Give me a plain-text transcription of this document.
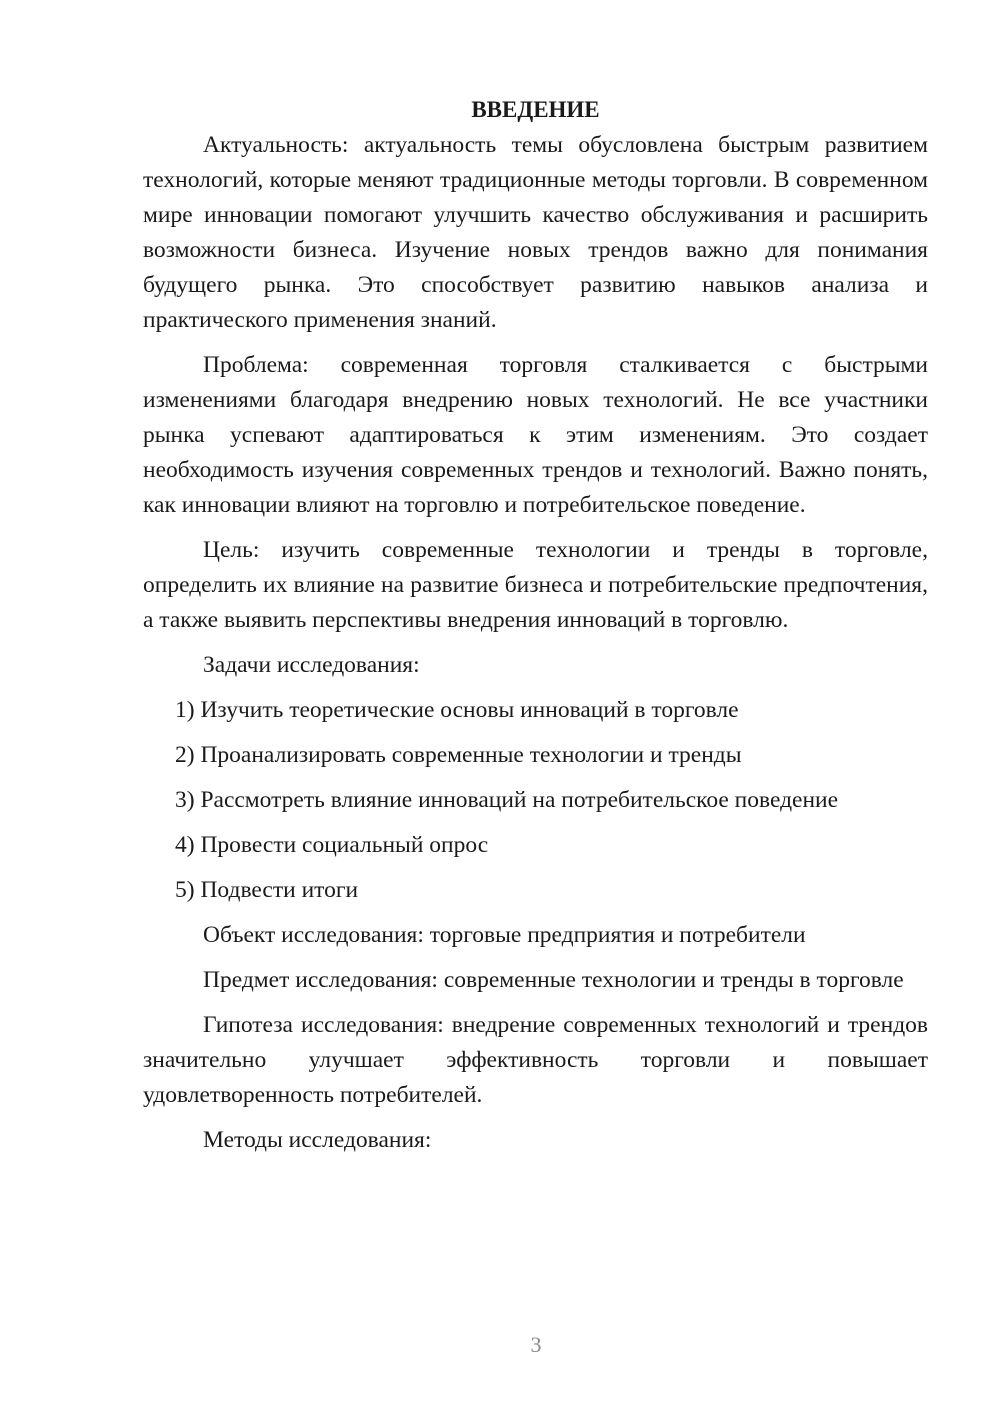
ВВЕДЕНИЕ

Актуальность: актуальность темы обусловлена быстрым развитием технологий, которые меняют традиционные методы торговли. В современном мире инновации помогают улучшить качество обслуживания и расширить возможности бизнеса. Изучение новых трендов важно для понимания будущего рынка. Это способствует развитию навыков анализа и практического применения знаний.

Проблема: современная торговля сталкивается с быстрыми изменениями благодаря внедрению новых технологий. Не все участники рынка успевают адаптироваться к этим изменениям. Это создает необходимость изучения современных трендов и технологий. Важно понять, как инновации влияют на торговлю и потребительское поведение.

Цель: изучить современные технологии и тренды в торговле, определить их влияние на развитие бизнеса и потребительские предпочтения, а также выявить перспективы внедрения инноваций в торговлю.

Задачи исследования:

1) Изучить теоретические основы инноваций в торговле
2) Проанализировать современные технологии и тренды
3) Рассмотреть влияние инноваций на потребительское поведение
4) Провести социальный опрос
5) Подвести итоги

Объект исследования: торговые предприятия и потребители

Предмет исследования: современные технологии и тренды в торговле

Гипотеза исследования: внедрение современных технологий и трендов значительно улучшает эффективность торговли и повышает удовлетворенность потребителей.

Методы исследования:

3
